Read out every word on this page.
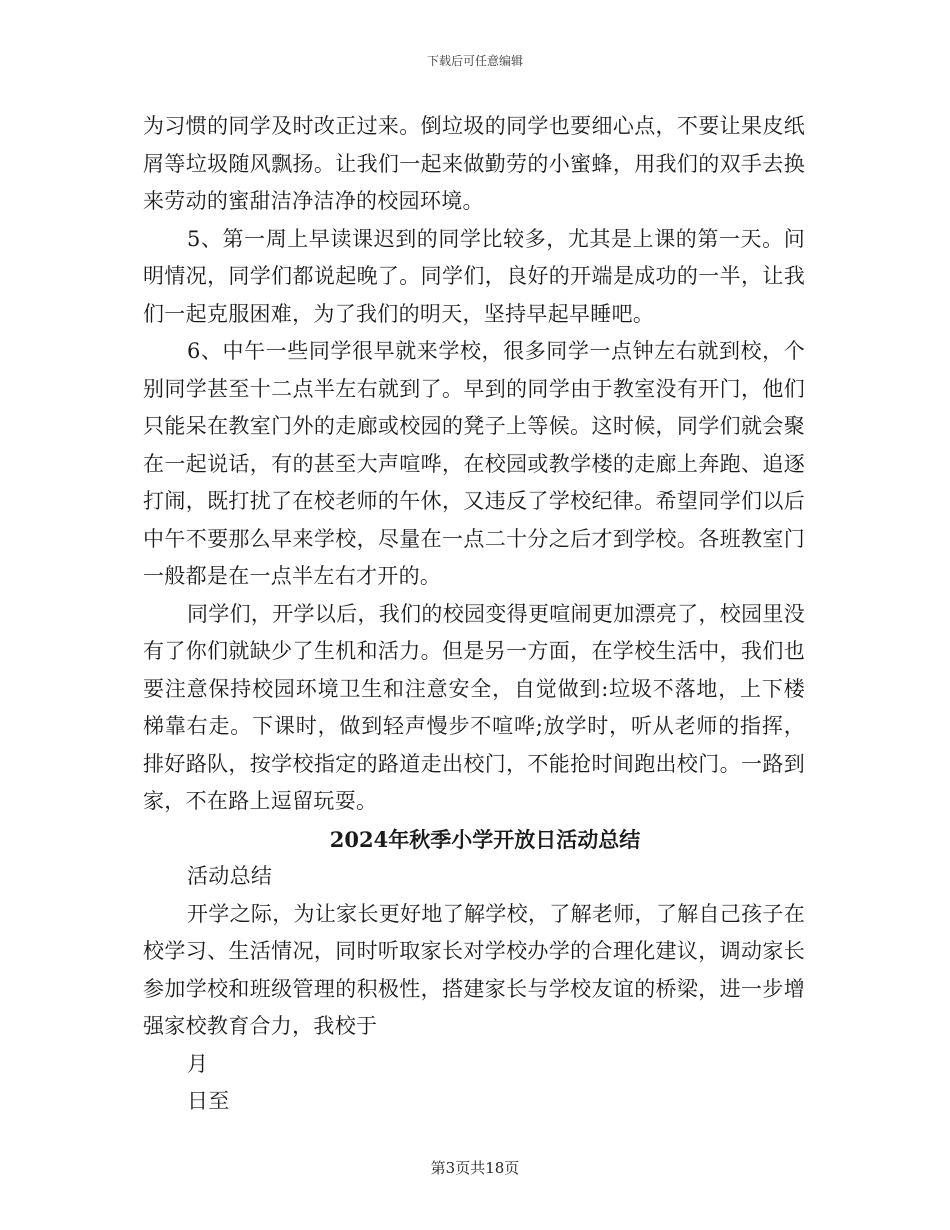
下载后可任意编辑

为习惯的同学及时改正过来。倒垃圾的同学也要细心点，不要让果皮纸屑等垃圾随风飘扬。让我们一起来做勤劳的小蜜蜂，用我们的双手去换来劳动的蜜甜洁净洁净的校园环境。

5、第一周上早读课迟到的同学比较多，尤其是上课的第一天。问明情况，同学们都说起晚了。同学们，良好的开端是成功的一半，让我们一起克服困难，为了我们的明天，坚持早起早睡吧。

6、中午一些同学很早就来学校，很多同学一点钟左右就到校，个别同学甚至十二点半左右就到了。早到的同学由于教室没有开门，他们只能呆在教室门外的走廊或校园的凳子上等候。这时候，同学们就会聚在一起说话，有的甚至大声喧哗，在校园或教学楼的走廊上奔跑、追逐打闹，既打扰了在校老师的午休，又违反了学校纪律。希望同学们以后中午不要那么早来学校，尽量在一点二十分之后才到学校。各班教室门一般都是在一点半左右才开的。

同学们，开学以后，我们的校园变得更喧闹更加漂亮了，校园里没有了你们就缺少了生机和活力。但是另一方面，在学校生活中，我们也要注意保持校园环境卫生和注意安全，自觉做到:垃圾不落地，上下楼梯靠右走。下课时，做到轻声慢步不喧哗;放学时，听从老师的指挥，排好路队，按学校指定的路道走出校门，不能抢时间跑出校门。一路到家，不在路上逗留玩耍。

2024年秋季小学开放日活动总结

活动总结

开学之际，为让家长更好地了解学校，了解老师，了解自己孩子在校学习、生活情况，同时听取家长对学校办学的合理化建议，调动家长参加学校和班级管理的积极性，搭建家长与学校友谊的桥梁，进一步增强家校教育合力，我校于

月

日至

第3页共18页
